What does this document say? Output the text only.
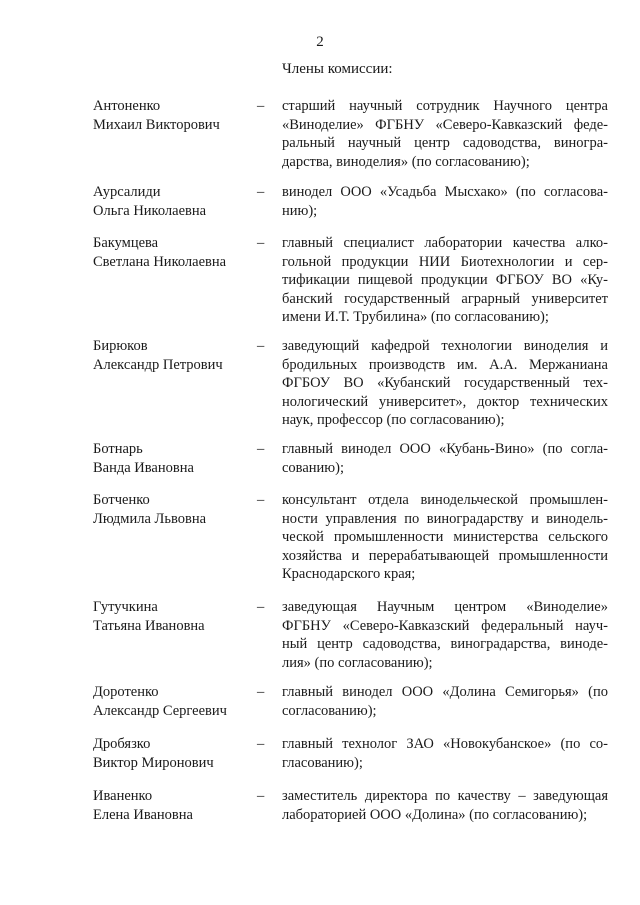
2
Члены комиссии:
Антоненко
Михаил Викторович
– старший научный сотрудник Научного центра
«Виноделие» ФГБНУ «Северо-Кавказский феде-
ральный научный центр садоводства, виногра-
дарства, виноделия» (по согласованию);
Аурсалиди
Ольга Николаевна
– винодел ООО «Усадьба Мысхако» (по согласова-
нию);
Бакумцева
Светлана Николаевна
– главный специалист лаборатории качества алко-
гольной продукции НИИ Биотехнологии и сер-
тификации пищевой продукции ФГБОУ ВО «Ку-
банский государственный аграрный университет
имени И.Т. Трубилина» (по согласованию);
Бирюков
Александр Петрович
– заведующий кафедрой технологии виноделия и
бродильных производств им. А.А. Мержаниана
ФГБОУ ВО «Кубанский государственный тех-
нологический университет», доктор технических
наук, профессор (по согласованию);
Ботнарь
Ванда Ивановна
– главный винодел ООО «Кубань-Вино» (по согла-
сованию);
Ботченко
Людмила Львовна
– консультант отдела винодельческой промышлен-
ности управления по виноградарству и винодель-
ческой промышленности министерства сельского
хозяйства и перерабатывающей промышленности
Краснодарского края;
Гутучкина
Татьяна Ивановна
– заведующая Научным центром «Виноделие»
ФГБНУ «Северо-Кавказский федеральный науч-
ный центр садоводства, виноградарства, виноде-
лия» (по согласованию);
Доротенко
Александр Сергеевич
– главный винодел ООО «Долина Семигорья» (по
согласованию);
Дробязко
Виктор Миронович
– главный технолог ЗАО «Новокубанское» (по со-
гласованию);
Иваненко
Елена Ивановна
– заместитель директора по качеству – заведующая
лабораторией ООО «Долина» (по согласованию);
